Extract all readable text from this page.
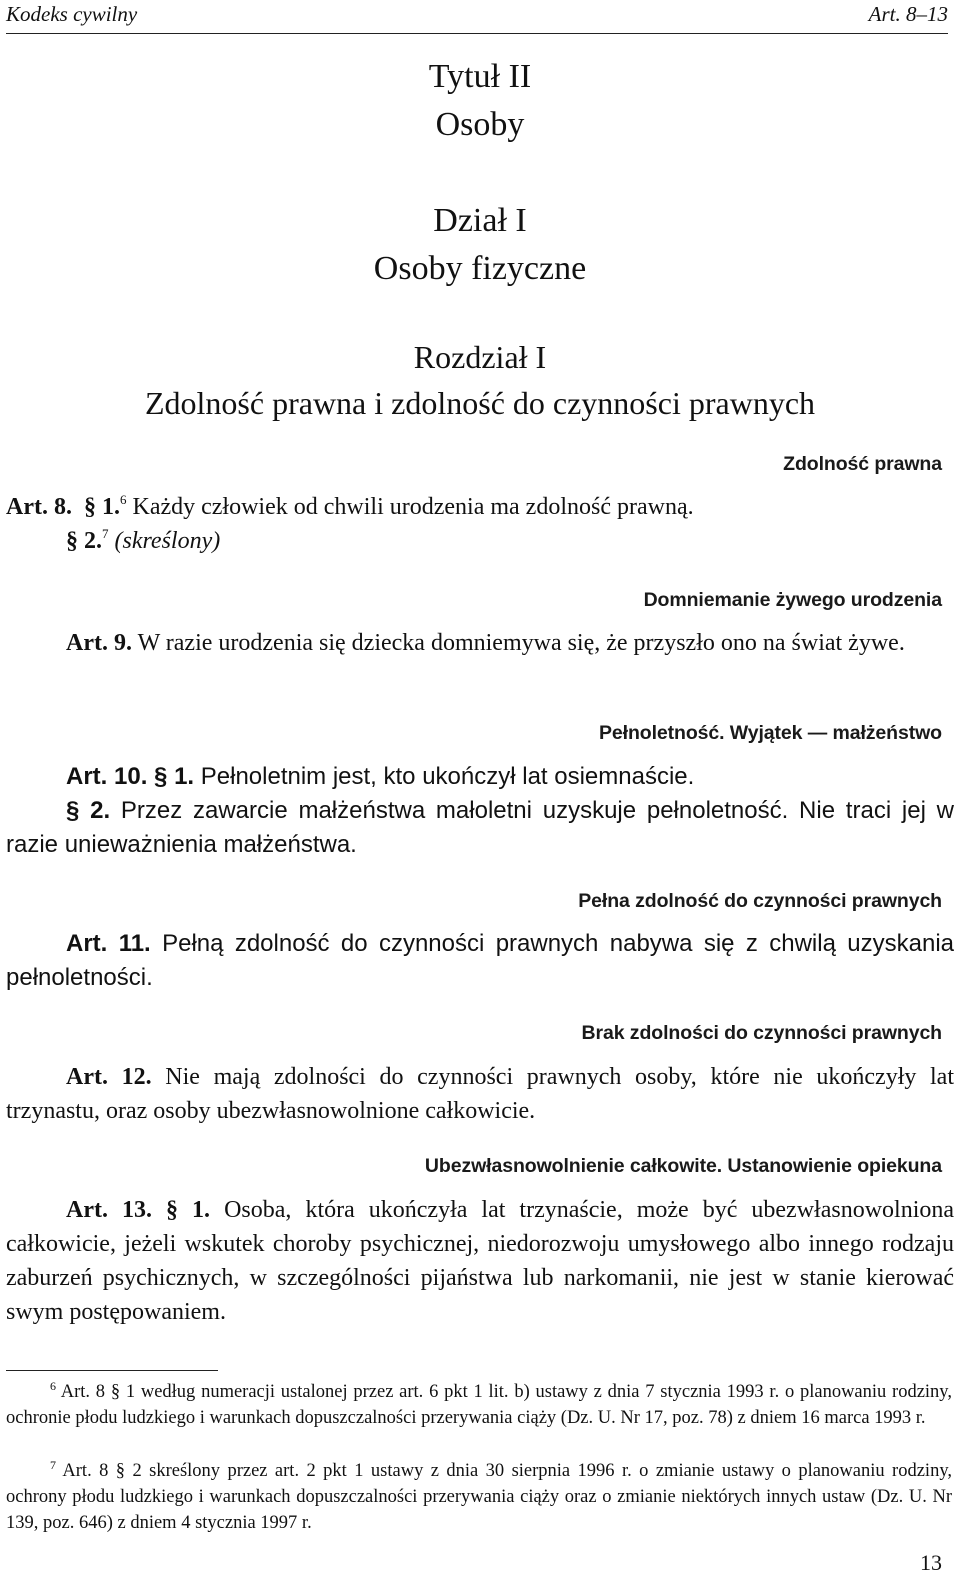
Kodeks cywilny	Art. 8–13
Tytuł II
Osoby
Dział I
Osoby fizyczne
Rozdział I
Zdolność prawna i zdolność do czynności prawnych
Zdolność prawna
Art. 8. § 1.$^6$ Każdy człowiek od chwili urodzenia ma zdolność prawną.
§ 2.$^7$ (skreślony)
Domniemanie żywego urodzenia
Art. 9. W razie urodzenia się dziecka domniemywa się, że przyszło ono na świat żywe.
Pełnoletność. Wyjątek — małżeństwo
Art. 10. § 1. Pełnoletnim jest, kto ukończył lat osiemnaście.
§ 2. Przez zawarcie małżeństwa małoletni uzyskuje pełnoletność. Nie traci jej w razie unieważnienia małżeństwa.
Pełna zdolność do czynności prawnych
Art. 11. Pełną zdolność do czynności prawnych nabywa się z chwilą uzyskania pełnoletności.
Brak zdolności do czynności prawnych
Art. 12. Nie mają zdolności do czynności prawnych osoby, które nie ukończyły lat trzynastu, oraz osoby ubezwłasnowolnione całkowicie.
Ubezwłasnowolnienie całkowite. Ustanowienie opiekuna
Art. 13. § 1. Osoba, która ukończyła lat trzynaście, może być ubezwłasnowolniona całkowicie, jeżeli wskutek choroby psychicznej, niedorozwoju umysłowego albo innego rodzaju zaburzeń psychicznych, w szczególności pijaństwa lub narkomanii, nie jest w stanie kierować swym postępowaniem.
$^6$ Art. 8 § 1 według numeracji ustalonej przez art. 6 pkt 1 lit. b) ustawy z dnia 7 stycznia 1993 r. o planowaniu rodziny, ochronie płodu ludzkiego i warunkach dopuszczalności przerywania ciąży (Dz. U. Nr 17, poz. 78) z dniem 16 marca 1993 r.
$^7$ Art. 8 § 2 skreślony przez art. 2 pkt 1 ustawy z dnia 30 sierpnia 1996 r. o zmianie ustawy o planowaniu rodziny, ochrony płodu ludzkiego i warunkach dopuszczalności przerywania ciąży oraz o zmianie niektórych innych ustaw (Dz. U. Nr 139, poz. 646) z dniem 4 stycznia 1997 r.
13
